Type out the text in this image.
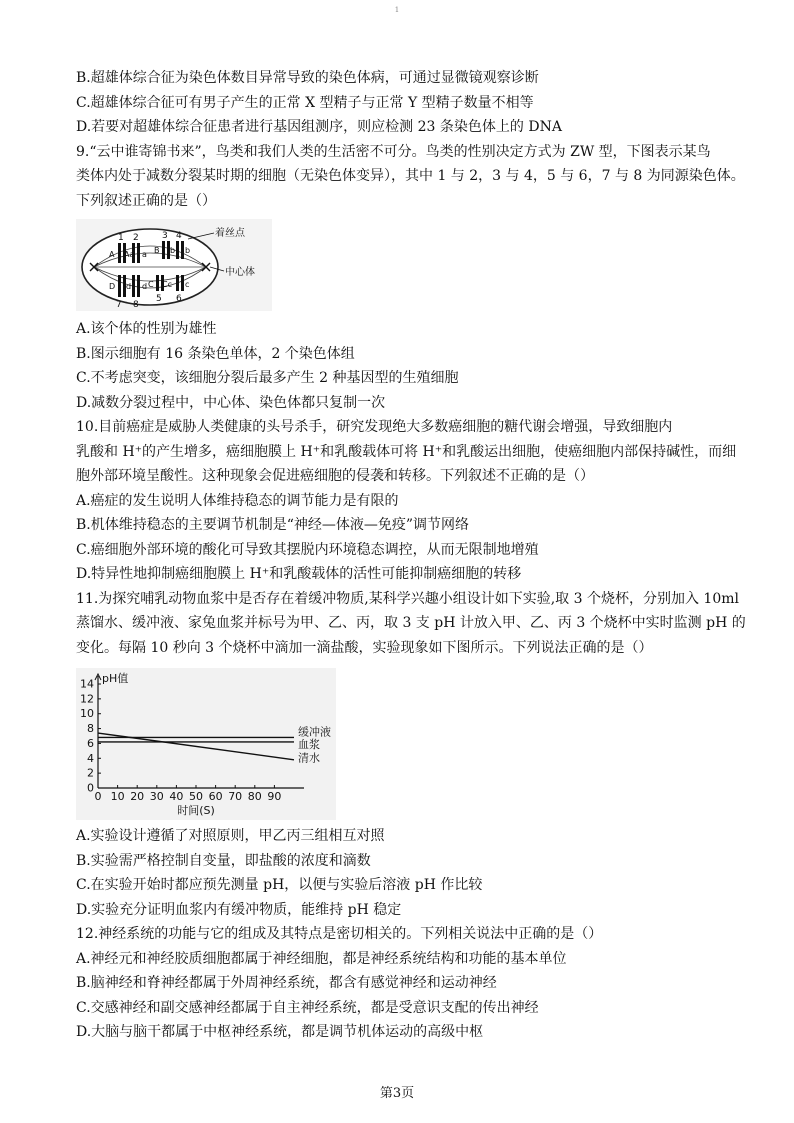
1

B.超雄体综合征为染色体数目异常导致的染色体病，可通过显微镜观察诊断

C.超雄体综合征可有男子产生的正常 X 型精子与正常 Y 型精子数量不相等

D.若要对超雄体综合征患者进行基因组测序，则应检测 23 条染色体上的 DNA

9.“云中谁寄锦书来”，鸟类和我们人类的生活密不可分。鸟类的性别决定方式为 ZW 型，下图表示某鸟

类体内处于减数分裂某时期的细胞（无染色体变异），其中 1 与 2，3 与 4，5 与 6，7 与 8 为同源染色体。

下列叙述正确的是（）

1 2	3 4
5 6
7 8
A Aa a B b b
C Cc c
D d d
着丝点
中心体

A.该个体的性别为雄性

B.图示细胞有 16 条染色单体，2 个染色体组

C.不考虑突变，该细胞分裂后最多产生 2 种基因型的生殖细胞

D.减数分裂过程中，中心体、染色体都只复制一次

10.目前癌症是威胁人类健康的头号杀手，研究发现绝大多数癌细胞的糖代谢会增强，导致细胞内

乳酸和 H⁺的产生增多，癌细胞膜上 H⁺和乳酸载体可将 H⁺和乳酸运出细胞，使癌细胞内部保持碱性，而细

胞外部环境呈酸性。这种现象会促进癌细胞的侵袭和转移。下列叙述不正确的是（）

A.癌症的发生说明人体维持稳态的调节能力是有限的

B.机体维持稳态的主要调节机制是“神经—体液—免疫”调节网络

C.癌细胞外部环境的酸化可导致其摆脱内环境稳态调控，从而无限制地增殖

D.特异性地抑制癌细胞膜上 H⁺和乳酸载体的活性可能抑制癌细胞的转移

11.为探究哺乳动物血浆中是否存在着缓冲物质,某科学兴趣小组设计如下实验,取 3 个烧杯，分别加入 10ml

蒸馏水、缓冲液、家兔血浆并标号为甲、乙、丙，取 3 支 pH 计放入甲、乙、丙 3 个烧杯中实时监测 pH 的

变化。每隔 10 秒向 3 个烧杯中滴加一滴盐酸，实验现象如下图所示。下列说法正确的是（）

0
2
4
6
8
10
12
14
0 10 20 30 40 50 60 70 80 90
pH值
时间(S)
缓冲液
血浆
清水

A.实验设计遵循了对照原则，甲乙丙三组相互对照

B.实验需严格控制自变量，即盐酸的浓度和滴数

C.在实验开始时都应预先测量 pH，以便与实验后溶液 pH 作比较

D.实验充分证明血浆内有缓冲物质，能维持 pH 稳定

12.神经系统的功能与它的组成及其特点是密切相关的。下列相关说法中正确的是（）

A.神经元和神经胶质细胞都属于神经细胞，都是神经系统结构和功能的基本单位

B.脑神经和脊神经都属于外周神经系统，都含有感觉神经和运动神经

C.交感神经和副交感神经都属于自主神经系统，都是受意识支配的传出神经

D.大脑与脑干都属于中枢神经系统，都是调节机体运动的高级中枢

第3页
